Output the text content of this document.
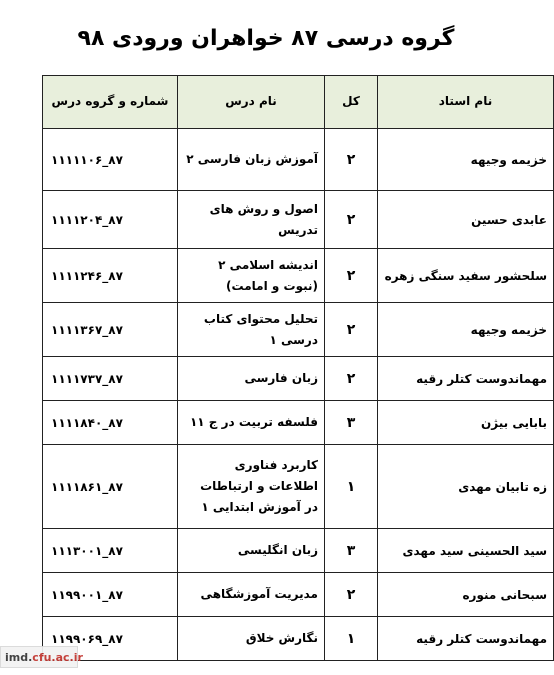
گروه درسی ۸۷ خواهران ورودی ۹۸
نام استاد	کل	نام درس	شماره و گروه درس
خزیمه وجیهه	۲	آموزش زبان فارسی ۲	۱۱۱۱۱۰۶_۸۷
عابدی حسین	۲	اصول و روش های تدریس	۱۱۱۱۲۰۴_۸۷
سلحشور سفید سنگی زهره	۲	اندیشه اسلامی ۲ (نبوت و امامت)	۱۱۱۱۲۴۶_۸۷
خزیمه وجیهه	۲	تحلیل محتوای کتاب درسی ۱	۱۱۱۱۳۶۷_۸۷
مهماندوست کتلر رقیه	۲	زبان فارسی	۱۱۱۱۷۳۷_۸۷
بابایی بیژن	۳	فلسفه تربیت در ج ۱۱	۱۱۱۱۸۴۰_۸۷
زه تابیان مهدی	۱	کاربرد فناوری اطلاعات و ارتباطات در آموزش ابتدایی ۱	۱۱۱۱۸۶۱_۸۷
سید الحسینی سید مهدی	۳	زبان انگلیسی	۱۱۱۳۰۰۱_۸۷
سبحانی منوره	۲	مدیریت آموزشگاهی	۱۱۹۹۰۰۱_۸۷
مهماندوست کتلر رقیه	۱	نگارش خلاق	۱۱۹۹۰۶۹_۸۷
imd. cfu.ac.ir
